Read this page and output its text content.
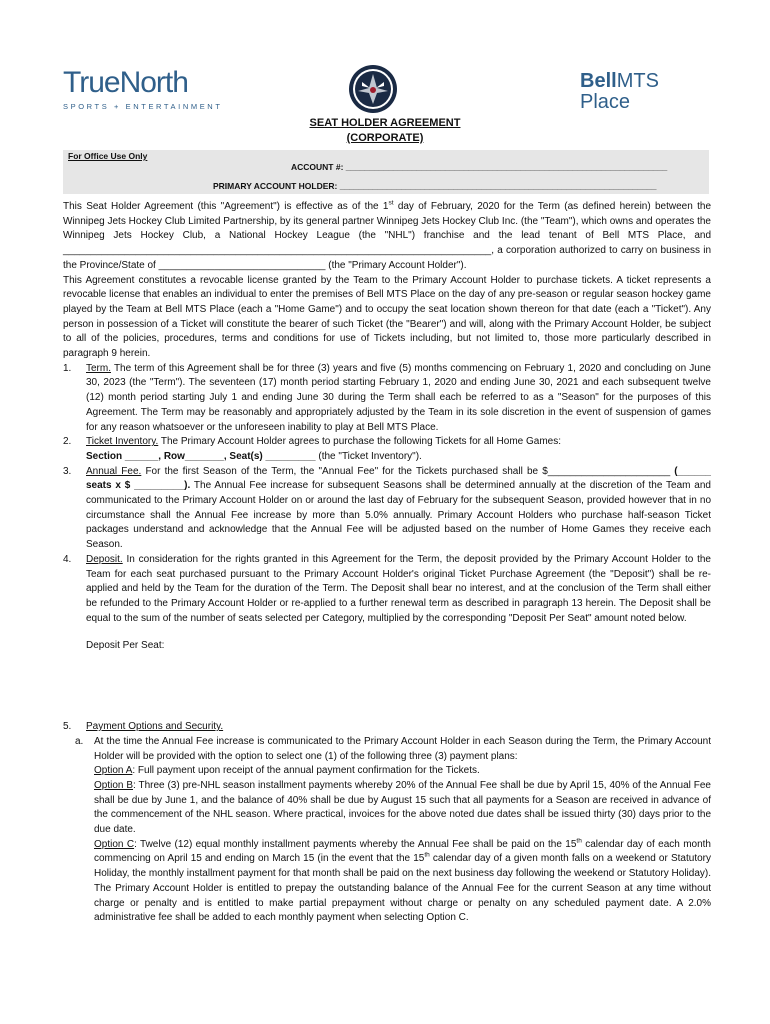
TrueNorth
SPORTS + ENTERTAINMENT
BellMTS
Place
SEAT HOLDER AGREEMENT
(CORPORATE)
For Office Use Only
ACCOUNT #: ____________________________________________________________________
PRIMARY ACCOUNT HOLDER: ___________________________________________________________________

This Seat Holder Agreement (this "Agreement") is effective as of the 1st day of February, 2020 for the Term (as defined herein) between the Winnipeg Jets Hockey Club Limited Partnership, by its general partner Winnipeg Jets Hockey Club Inc. (the "Team"), which owns and operates the Winnipeg Jets Hockey Club, a National Hockey League (the "NHL") franchise and the lead tenant of Bell MTS Place, and _____________________________________________________________________________, a corporation authorized to carry on business in the Province/State of ______________________________ (the "Primary Account Holder").

This Agreement constitutes a revocable license granted by the Team to the Primary Account Holder to purchase tickets. A ticket represents a revocable license that enables an individual to enter the premises of Bell MTS Place on the day of any pre-season or regular season hockey game played by the Team at Bell MTS Place (each a "Home Game") and to occupy the seat location shown thereon for that date (each a "Ticket"). Any person in possession of a Ticket will constitute the bearer of such Ticket (the "Bearer") and will, along with the Primary Account Holder, be subject to all of the policies, procedures, terms and conditions for use of Tickets including, but not limited to, those more particularly described in paragraph 9 herein.

1. Term. The term of this Agreement shall be for three (3) years and five (5) months commencing on February 1, 2020 and concluding on June 30, 2023 (the "Term"). The seventeen (17) month period starting February 1, 2020 and ending June 30, 2021 and each subsequent twelve (12) month period starting July 1 and ending June 30 during the Term shall each be referred to as a "Season" for the purposes of this Agreement. The Term may be reasonably and appropriately adjusted by the Team in its sole discretion in the event of suspension of games for any reason whatsoever or the unforeseen inability to play at Bell MTS Place.
2. Ticket Inventory. The Primary Account Holder agrees to purchase the following Tickets for all Home Games:
Section ______, Row_______, Seat(s) _________ (the "Ticket Inventory").
3. Annual Fee. For the first Season of the Term, the "Annual Fee" for the Tickets purchased shall be $______________________ (______ seats x $ _________). The Annual Fee increase for subsequent Seasons shall be determined annually at the discretion of the Team and communicated to the Primary Account Holder on or around the last day of February for the subsequent Season, provided however that in no circumstance shall the Annual Fee increase by more than 5.0% annually. Primary Account Holders who purchase half-season Ticket packages understand and acknowledge that the Annual Fee will be adjusted based on the number of Home Games they receive each Season.
4. Deposit. In consideration for the rights granted in this Agreement for the Term, the deposit provided by the Primary Account Holder to the Team for each seat purchased pursuant to the Primary Account Holder's original Ticket Purchase Agreement (the "Deposit") shall be re-applied and held by the Team for the duration of the Term. The Deposit shall bear no interest, and at the conclusion of the Term shall either be refunded to the Primary Account Holder or re-applied to a further renewal term as described in paragraph 13 herein. The Deposit shall be equal to the sum of the number of seats selected per Category, multiplied by the corresponding "Deposit Per Seat" amount noted below.
Deposit Per Seat:
5. Payment Options and Security.
a. At the time the Annual Fee increase is communicated to the Primary Account Holder in each Season during the Term, the Primary Account Holder will be provided with the option to select one (1) of the following three (3) payment plans:
Option A: Full payment upon receipt of the annual payment confirmation for the Tickets.
Option B: Three (3) pre-NHL season installment payments whereby 20% of the Annual Fee shall be due by April 15, 40% of the Annual Fee shall be due by June 1, and the balance of 40% shall be due by August 15 such that all payments for a Season are received in advance of the commencement of the NHL season. Where practical, invoices for the above noted due dates shall be issued thirty (30) days prior to the due date.
Option C: Twelve (12) equal monthly installment payments whereby the Annual Fee shall be paid on the 15th calendar day of each month commencing on April 15 and ending on March 15 (in the event that the 15th calendar day of a given month falls on a weekend or Statutory Holiday, the monthly installment payment for that month shall be paid on the next business day following the weekend or Statutory Holiday). The Primary Account Holder is entitled to prepay the outstanding balance of the Annual Fee for the current Season at any time without charge or penalty and is entitled to make partial prepayment without charge or penalty on any scheduled payment date. A 2.0% administrative fee shall be added to each monthly payment when selecting Option C.
